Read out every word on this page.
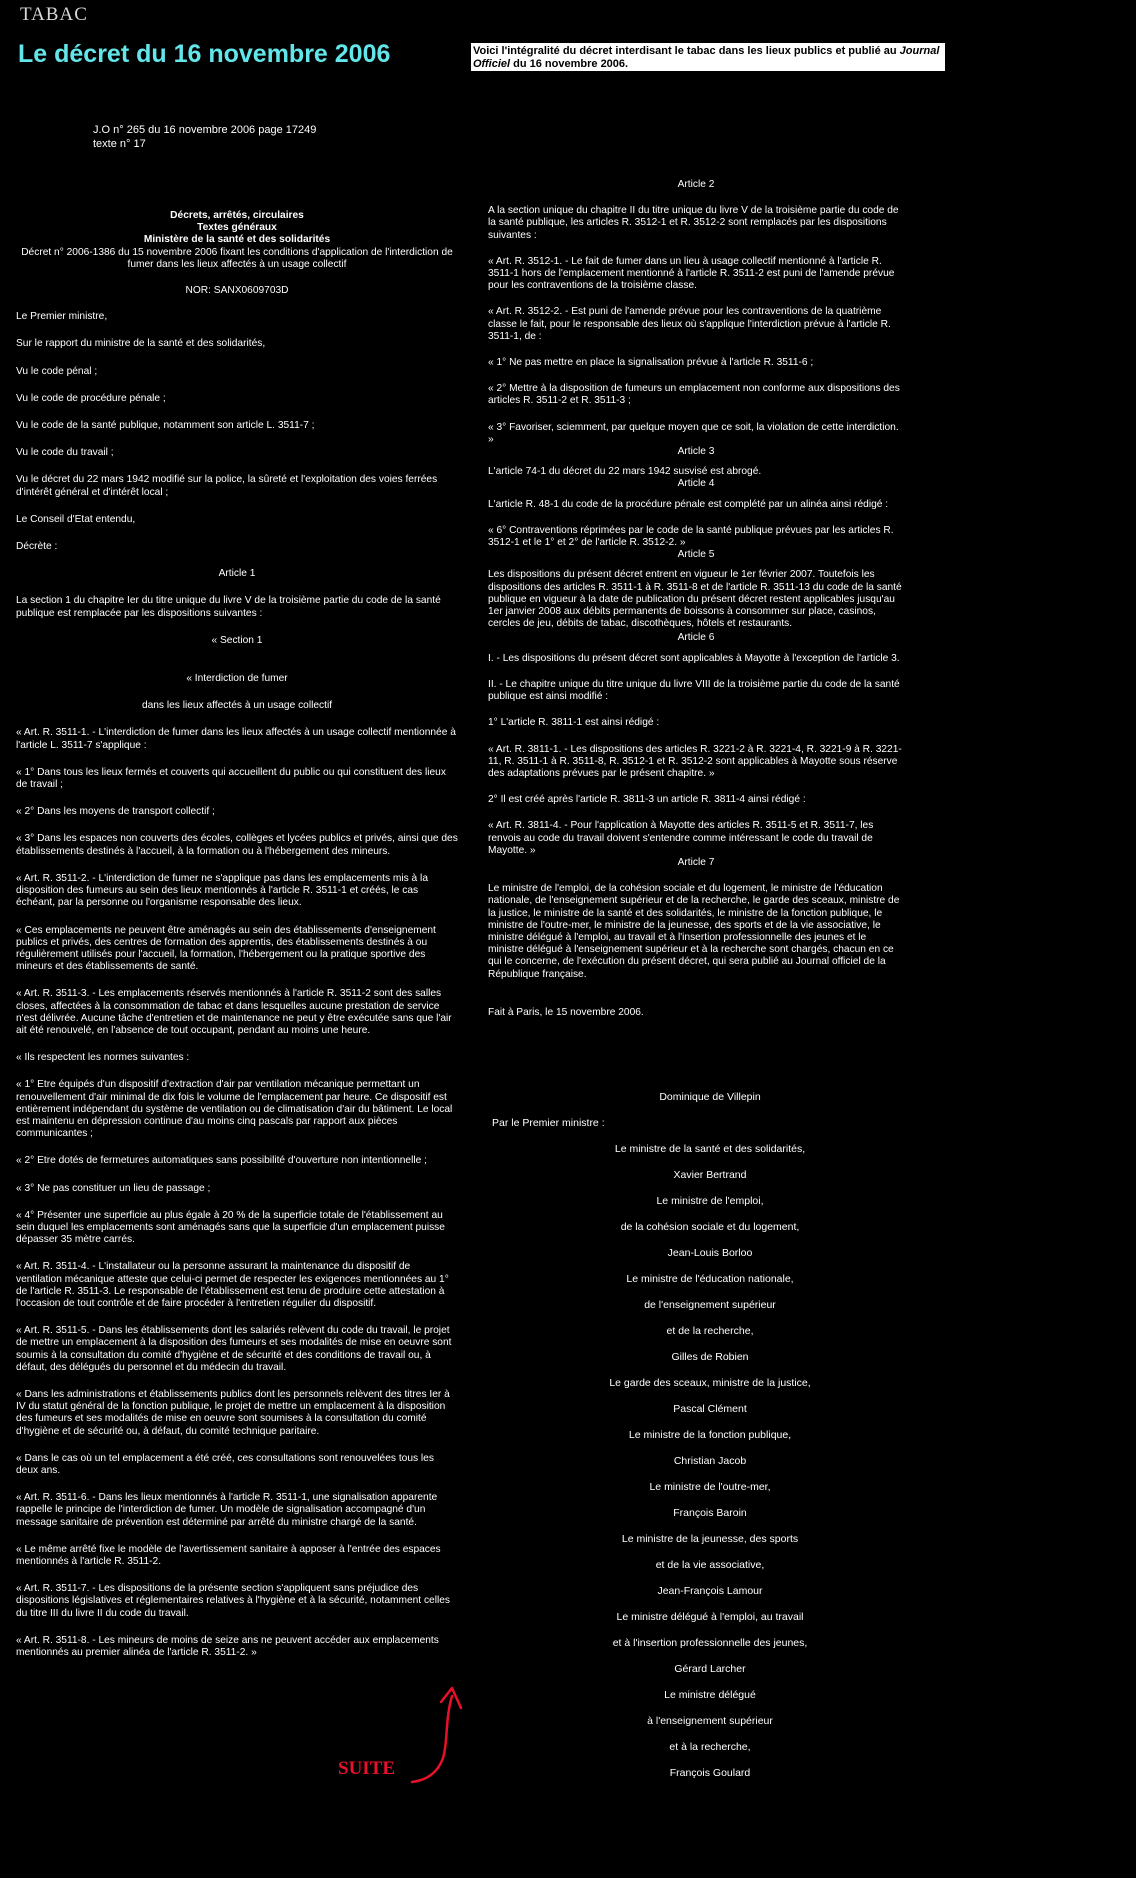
TABAC
Le décret du 16 novembre 2006	Voici l'intégralité du décret interdisant le tabac dans les lieux publics et publié au Journal Officiel du 16 novembre 2006.
J.O n° 265 du 16 novembre 2006 page 17249
texte n° 17

Décrets, arrêtés, circulaires

Textes généraux

Ministère de la santé et des solidarités

Décret n° 2006-1386 du 15 novembre 2006 fixant les conditions d'application de l'interdiction de fumer dans les lieux affectés à un usage collectif

NOR: SANX0609703D

Le Premier ministre,

Sur le rapport du ministre de la santé et des solidarités,

Vu le code pénal ;

Vu le code de procédure pénale ;

Vu le code de la santé publique, notamment son article L. 3511-7 ;

Vu le code du travail ;

Vu le décret du 22 mars 1942 modifié sur la police, la sûreté et l'exploitation des voies ferrées d'intérêt général et d'intérêt local ;

Le Conseil d'Etat entendu,

Décrète :

Article 1

La section 1 du chapitre Ier du titre unique du livre V de la troisième partie du code de la santé publique est remplacée par les dispositions suivantes :

« Section 1

« Interdiction de fumer

dans les lieux affectés à un usage collectif

« Art. R. 3511-1. - L'interdiction de fumer dans les lieux affectés à un usage collectif mentionnée à l'article L. 3511-7 s'applique :

« 1° Dans tous les lieux fermés et couverts qui accueillent du public ou qui constituent des lieux de travail ;

« 2° Dans les moyens de transport collectif ;

« 3° Dans les espaces non couverts des écoles, collèges et lycées publics et privés, ainsi que des établissements destinés à l'accueil, à la formation ou à l'hébergement des mineurs.

« Art. R. 3511-2. - L'interdiction de fumer ne s'applique pas dans les emplacements mis à la disposition des fumeurs au sein des lieux mentionnés à l'article R. 3511-1 et créés, le cas échéant, par la personne ou l'organisme responsable des lieux.

« Ces emplacements ne peuvent être aménagés au sein des établissements d'enseignement publics et privés, des centres de formation des apprentis, des établissements destinés à ou régulièrement utilisés pour l'accueil, la formation, l'hébergement ou la pratique sportive des mineurs et des établissements de santé.

« Art. R. 3511-3. - Les emplacements réservés mentionnés à l'article R. 3511-2 sont des salles closes, affectées à la consommation de tabac et dans lesquelles aucune prestation de service n'est délivrée. Aucune tâche d'entretien et de maintenance ne peut y être exécutée sans que l'air ait été renouvelé, en l'absence de tout occupant, pendant au moins une heure.

« Ils respectent les normes suivantes :

« 1° Etre équipés d'un dispositif d'extraction d'air par ventilation mécanique permettant un renouvellement d'air minimal de dix fois le volume de l'emplacement par heure. Ce dispositif est entièrement indépendant du système de ventilation ou de climatisation d'air du bâtiment. Le local est maintenu en dépression continue d'au moins cinq pascals par rapport aux pièces communicantes ;

« 2° Etre dotés de fermetures automatiques sans possibilité d'ouverture non intentionnelle ;

« 3° Ne pas constituer un lieu de passage ;

« 4° Présenter une superficie au plus égale à 20 % de la superficie totale de l'établissement au sein duquel les emplacements sont aménagés sans que la superficie d'un emplacement puisse dépasser 35 mètre carrés.

« Art. R. 3511-4. - L'installateur ou la personne assurant la maintenance du dispositif de ventilation mécanique atteste que celui-ci permet de respecter les exigences mentionnées au 1° de l'article R. 3511-3. Le responsable de l'établissement est tenu de produire cette attestation à l'occasion de tout contrôle et de faire procéder à l'entretien régulier du dispositif.

« Art. R. 3511-5. - Dans les établissements dont les salariés relèvent du code du travail, le projet de mettre un emplacement à la disposition des fumeurs et ses modalités de mise en oeuvre sont soumis à la consultation du comité d'hygiène et de sécurité et des conditions de travail ou, à défaut, des délégués du personnel et du médecin du travail.

« Dans les administrations et établissements publics dont les personnels relèvent des titres Ier à IV du statut général de la fonction publique, le projet de mettre un emplacement à la disposition des fumeurs et ses modalités de mise en oeuvre sont soumises à la consultation du comité d'hygiène et de sécurité ou, à défaut, du comité technique paritaire.

« Dans le cas où un tel emplacement a été créé, ces consultations sont renouvelées tous les deux ans.

« Art. R. 3511-6. - Dans les lieux mentionnés à l'article R. 3511-1, une signalisation apparente rappelle le principe de l'interdiction de fumer. Un modèle de signalisation accompagné d'un message sanitaire de prévention est déterminé par arrêté du ministre chargé de la santé.

« Le même arrêté fixe le modèle de l'avertissement sanitaire à apposer à l'entrée des espaces mentionnés à l'article R. 3511-2.

« Art. R. 3511-7. - Les dispositions de la présente section s'appliquent sans préjudice des dispositions législatives et réglementaires relatives à l'hygiène et à la sécurité, notamment celles du titre III du livre II du code du travail.

« Art. R. 3511-8. - Les mineurs de moins de seize ans ne peuvent accéder aux emplacements mentionnés au premier alinéa de l'article R. 3511-2. »

Article 2

A la section unique du chapitre II du titre unique du livre V de la troisième partie du code de la santé publique, les articles R. 3512-1 et R. 3512-2 sont remplacés par les dispositions suivantes :

« Art. R. 3512-1. - Le fait de fumer dans un lieu à usage collectif mentionné à l'article R. 3511-1 hors de l'emplacement mentionné à l'article R. 3511-2 est puni de l'amende prévue pour les contraventions de la troisième classe.

« Art. R. 3512-2. - Est puni de l'amende prévue pour les contraventions de la quatrième classe le fait, pour le responsable des lieux où s'applique l'interdiction prévue à l'article R. 3511-1, de :

« 1° Ne pas mettre en place la signalisation prévue à l'article R. 3511-6 ;

« 2° Mettre à la disposition de fumeurs un emplacement non conforme aux dispositions des articles R. 3511-2 et R. 3511-3 ;

« 3° Favoriser, sciemment, par quelque moyen que ce soit, la violation de cette interdiction. »

Article 3

L'article 74-1 du décret du 22 mars 1942 susvisé est abrogé.

Article 4

L'article R. 48-1 du code de la procédure pénale est complété par un alinéa ainsi rédigé :

« 6° Contraventions réprimées par le code de la santé publique prévues par les articles R. 3512-1 et le 1° et 2° de l'article R. 3512-2. »

Article 5

Les dispositions du présent décret entrent en vigueur le 1er février 2007. Toutefois les dispositions des articles R. 3511-1 à R. 3511-8 et de l'article R. 3511-13 du code de la santé publique en vigueur à la date de publication du présent décret restent applicables jusqu'au 1er janvier 2008 aux débits permanents de boissons à consommer sur place, casinos, cercles de jeu, débits de tabac, discothèques, hôtels et restaurants.

Article 6

I. - Les dispositions du présent décret sont applicables à Mayotte à l'exception de l'article 3.

II. - Le chapitre unique du titre unique du livre VIII de la troisième partie du code de la santé publique est ainsi modifié :

1° L'article R. 3811-1 est ainsi rédigé :

« Art. R. 3811-1. - Les dispositions des articles R. 3221-2 à R. 3221-4, R. 3221-9 à R. 3221-11, R. 3511-1 à R. 3511-8, R. 3512-1 et R. 3512-2 sont applicables à Mayotte sous réserve des adaptations prévues par le présent chapitre. »

2° Il est créé après l'article R. 3811-3 un article R. 3811-4 ainsi rédigé :

« Art. R. 3811-4. - Pour l'application à Mayotte des articles R. 3511-5 et R. 3511-7, les renvois au code du travail doivent s'entendre comme intéressant le code du travail de Mayotte. »

Article 7

Le ministre de l'emploi, de la cohésion sociale et du logement, le ministre de l'éducation nationale, de l'enseignement supérieur et de la recherche, le garde des sceaux, ministre de la justice, le ministre de la santé et des solidarités, le ministre de la fonction publique, le ministre de l'outre-mer, le ministre de la jeunesse, des sports et de la vie associative, le ministre délégué à l'emploi, au travail et à l'insertion professionnelle des jeunes et le ministre délégué à l'enseignement supérieur et à la recherche sont chargés, chacun en ce qui le concerne, de l'exécution du présent décret, qui sera publié au Journal officiel de la République française.

Fait à Paris, le 15 novembre 2006.

Dominique de Villepin
Par le Premier ministre :
Le ministre de la santé et des solidarités,
Xavier Bertrand
Le ministre de l'emploi,
de la cohésion sociale et du logement,
Jean-Louis Borloo
Le ministre de l'éducation nationale,
de l'enseignement supérieur
et de la recherche,
Gilles de Robien
Le garde des sceaux, ministre de la justice,
Pascal Clément
Le ministre de la fonction publique,
Christian Jacob
Le ministre de l'outre-mer,
François Baroin
Le ministre de la jeunesse, des sports
et de la vie associative,
Jean-François Lamour
Le ministre délégué à l'emploi, au travail
et à l'insertion professionnelle des jeunes,
Gérard Larcher
Le ministre délégué
à l'enseignement supérieur
et à la recherche,
François Goulard
SUITE
